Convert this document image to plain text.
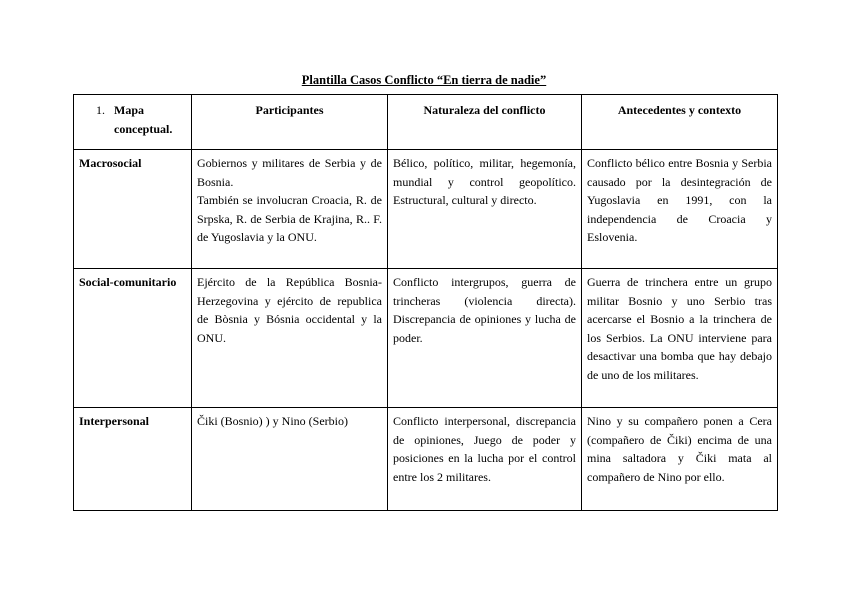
Plantilla Casos Conflicto “En tierra de nadie”
1. Mapa
conceptual.	Participantes	Naturaleza del conflicto	Antecedentes y contexto
Macrosocial	Gobiernos y militares de Serbia y de Bosnia.
También se involucran Croacia, R. de Srpska, R. de Serbia de Krajina, R.. F. de Yugoslavia y la ONU.	Bélico, político, militar, hegemonía, mundial y control geopolítico. Estructural, cultural y directo.	Conflicto bélico entre Bosnia y Serbia causado por la desintegración de Yugoslavia en 1991, con la independencia de Croacia y Eslovenia.
Social-comunitario	Ejército de la República Bosnia-Herzegovina y ejército de republica de Bòsnia y Bósnia occidental y la ONU.	Conflicto intergrupos, guerra de trincheras (violencia directa). Discrepancia de opiniones y lucha de poder.	Guerra de trinchera entre un grupo militar Bosnio y uno Serbio tras acercarse el Bosnio a la trinchera de los Serbios. La ONU interviene para desactivar una bomba que hay debajo de uno de los militares.
Interpersonal	Čiki (Bosnio) ) y Nino (Serbio)	Conflicto interpersonal, discrepancia de opiniones, Juego de poder y posiciones en la lucha por el control entre los 2 militares.	Nino y su compañero ponen a Cera (compañero de Čiki) encima de una mina saltadora y Čiki mata al compañero de Nino por ello.
